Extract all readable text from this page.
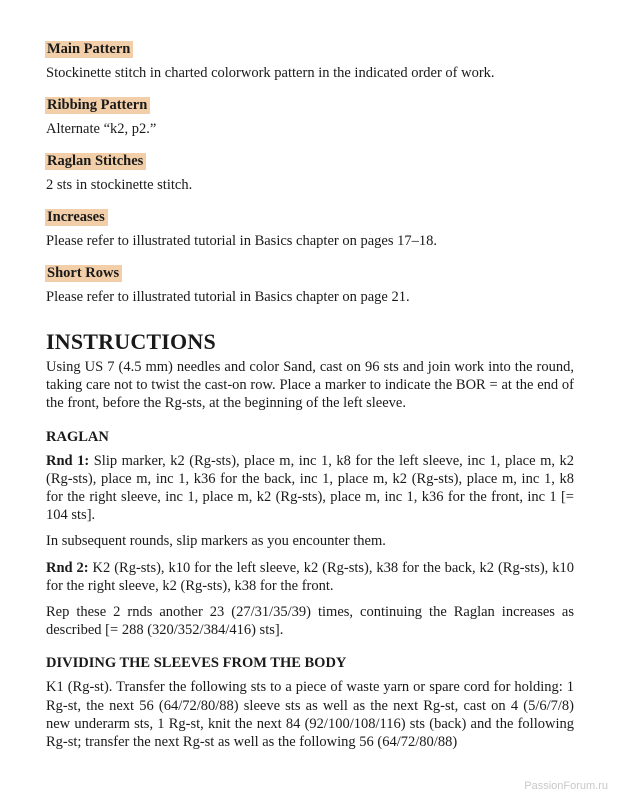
Main Pattern

Stockinette stitch in charted colorwork pattern in the indicated order of work.

Ribbing Pattern

Alternate “k2, p2.”

Raglan Stitches

2 sts in stockinette stitch.

Increases

Please refer to illustrated tutorial in Basics chapter on pages 17–18.

Short Rows

Please refer to illustrated tutorial in Basics chapter on page 21.

INSTRUCTIONS

Using US 7 (4.5 mm) needles and color Sand, cast on 96 sts and join work into the round, taking care not to twist the cast-on row. Place a marker to indicate the BOR = at the end of the front, before the Rg-sts, at the beginning of the left sleeve.

RAGLAN

Rnd 1: Slip marker, k2 (Rg-sts), place m, inc 1, k8 for the left sleeve, inc 1, place m, k2 (Rg-sts), place m, inc 1, k36 for the back, inc 1, place m, k2 (Rg-sts), place m, inc 1, k8 for the right sleeve, inc 1, place m, k2 (Rg-sts), place m, inc 1, k36 for the front, inc 1 [= 104 sts].

In subsequent rounds, slip markers as you encounter them.

Rnd 2: K2 (Rg-sts), k10 for the left sleeve, k2 (Rg-sts), k38 for the back, k2 (Rg-sts), k10 for the right sleeve, k2 (Rg-sts), k38 for the front.

Rep these 2 rnds another 23 (27/31/35/39) times, continuing the Raglan increases as described [= 288 (320/352/384/416) sts].

DIVIDING THE SLEEVES FROM THE BODY

K1 (Rg-st). Transfer the following sts to a piece of waste yarn or spare cord for holding: 1 Rg-st, the next 56 (64/72/80/88) sleeve sts as well as the next Rg-st, cast on 4 (5/6/7/8) new underarm sts, 1 Rg-st, knit the next 84 (92/100/108/116) sts (back) and the following Rg-st; transfer the next Rg-st as well as the following 56 (64/72/80/88)

PassionForum.ru
